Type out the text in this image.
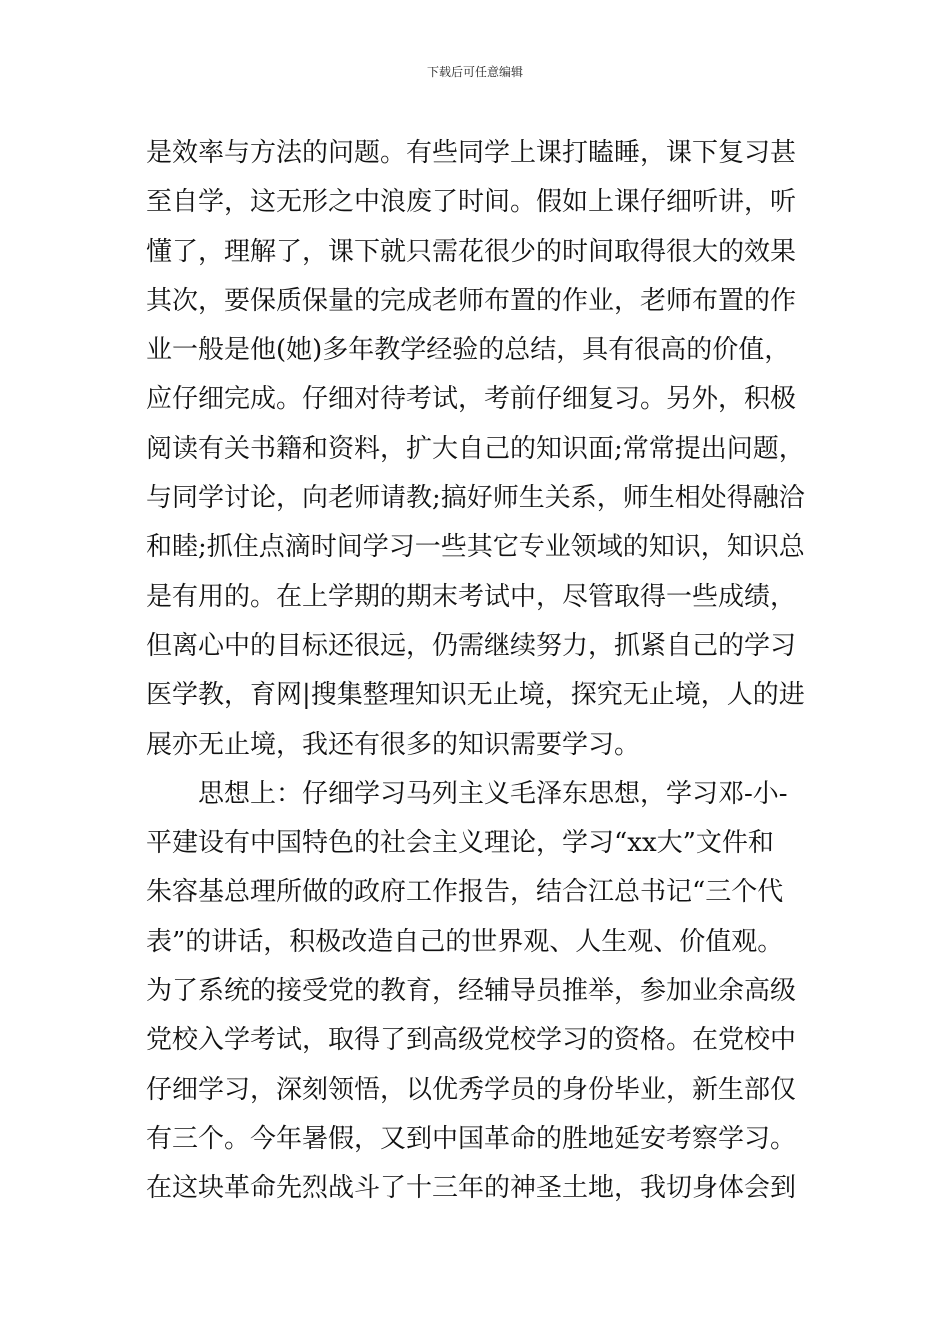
下载后可任意编辑
是效率与方法的问题。有些同学上课打瞌睡，课下复习甚
至自学，这无形之中浪废了时间。假如上课仔细听讲，听
懂了，理解了，课下就只需花很少的时间取得很大的效果
其次，要保质保量的完成老师布置的作业，老师布置的作
业一般是他(她)多年教学经验的总结，具有很高的价值，
应仔细完成。仔细对待考试，考前仔细复习。另外，积极
阅读有关书籍和资料，扩大自己的知识面;常常提出问题，
与同学讨论，向老师请教;搞好师生关系，师生相处得融洽
和睦;抓住点滴时间学习一些其它专业领域的知识，知识总
是有用的。在上学期的期末考试中，尽管取得一些成绩，
但离心中的目标还很远，仍需继续努力，抓紧自己的学习
医学教，育网|搜集整理知识无止境，探究无止境，人的进
展亦无止境，我还有很多的知识需要学习。
思想上：仔细学习马列主义毛泽东思想，学习邓-小-
平建设有中国特色的社会主义理论，学习“xx大”文件和
朱容基总理所做的政府工作报告，结合江总书记“三个代
表”的讲话，积极改造自己的世界观、人生观、价值观。
为了系统的接受党的教育，经辅导员推举，参加业余高级
党校入学考试，取得了到高级党校学习的资格。在党校中
仔细学习，深刻领悟，以优秀学员的身份毕业，新生部仅
有三个。今年暑假，又到中国革命的胜地延安考察学习。
在这块革命先烈战斗了十三年的神圣土地，我切身体会到
